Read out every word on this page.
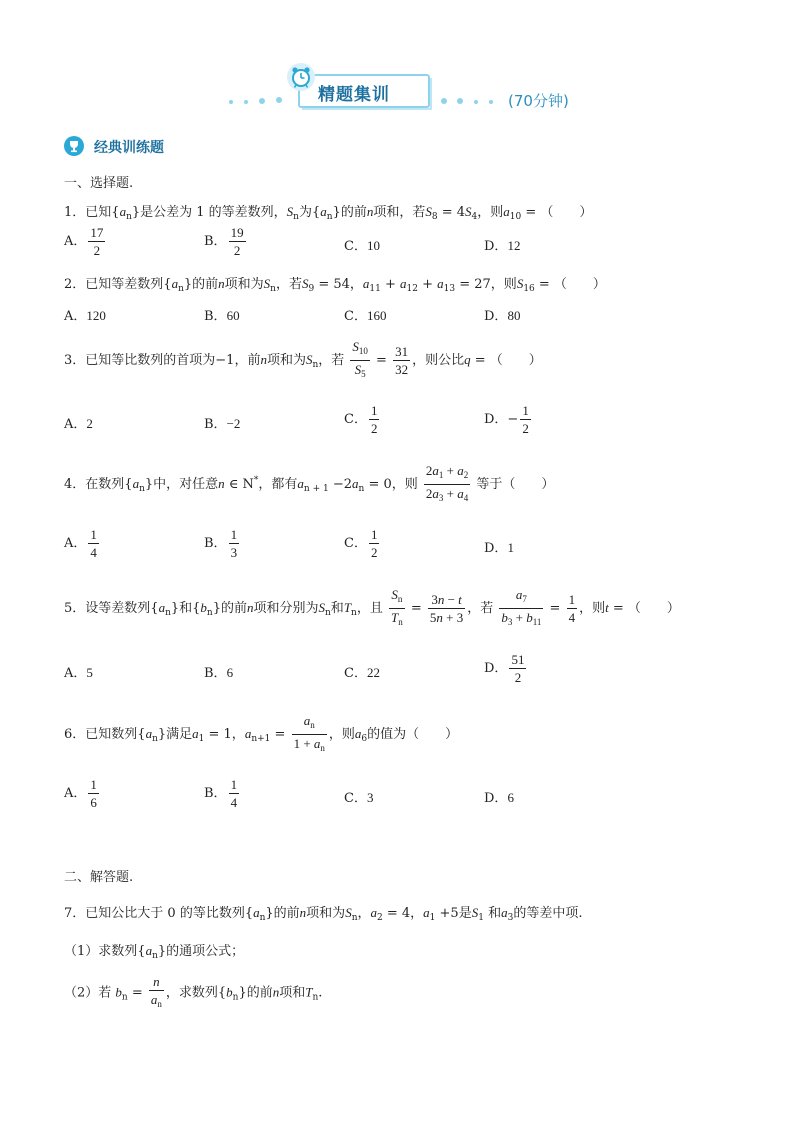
精题集训	(70分钟)
经典训练题
一、选择题.
1．已知$\{a_n\}$是公差为 1 的等差数列，$S_n$为$\{a_n\}$的前n项和，若$S_8 = 4S_4$，则$a_{10}$ = （　　）
A． $\frac{17}{2}$	B． $\frac{19}{2}$	C．10	D．12
2．已知等差数列$\{a_n\}$的前n项和为$S_n$，若$S_9 = 54$，$a_{11} + a_{12} + a_{13} = 27$，则$S_{16}$ = （　　）
A．120	B．60	C．160	D．80
3．已知等比数列的首项为−1，前n项和为$S_n$，若 $\frac{S_{10}}{S_5} = \frac{31}{32}$ ，则公比q = （　　）
A．2	B．−2	C． $\frac{1}{2}$	D．− $\frac{1}{2}$
4．在数列$\{a_n\}$中，对任意n ∈ N*，都有$a_{n + 1} -2a_n = 0$，则 $\frac{2a_1 + a_2}{2a_3 + a_4}$ 等于（　　）
A． $\frac{1}{4}$	B． $\frac{1}{3}$	C． $\frac{1}{2}$	D．1
5．设等差数列$\{a_n\}$和$\{b_n\}$的前n项和分别为$S_n$和$T_n$，且 $\frac{S_n}{T_n} = \frac{3n - t}{5n + 3}$ ，若 $\frac{a_7}{b_3 + b_{11}} = \frac{1}{4}$ ，则t = （　　）
A．5	B．6	C．22	D． $\frac{51}{2}$
6．已知数列$\{a_n\}$满足$a_1 = 1$，$a_{n+1} = \frac{a_n}{1 + a_n}$ ，则$a_6$的值为（　　）
A． $\frac{1}{6}$	B． $\frac{1}{4}$	C．3	D．6
二、解答题.
7．已知公比大于 0 的等比数列$\{a_n\}$的前n项和为$S_n$，$a_2 = 4$，$a_1 +5$是$S_1$ 和$a_3$的等差中项.
（1）求数列$\{a_n\}$的通项公式；
（2）若 $b_n = \frac{n}{a_n}$ ，求数列$\{b_n\}$的前n项和$T_n$.
